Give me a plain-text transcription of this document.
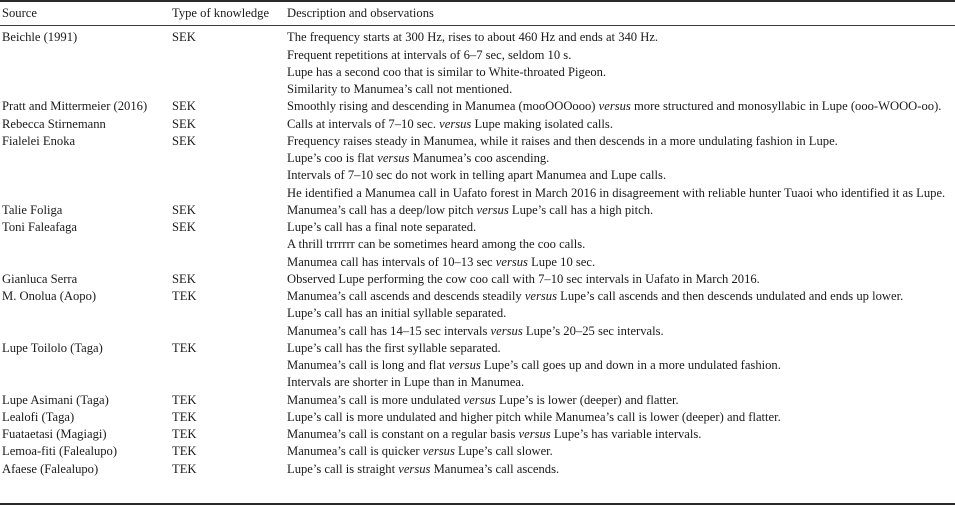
Source	Type of knowledge	Description and observations

Beichle (1991)	SEK	The frequency starts at 300 Hz, rises to about 460 Hz and ends at 340 Hz.
Frequent repetitions at intervals of 6–7 sec, seldom 10 s.
Lupe has a second coo that is similar to White-throated Pigeon.
Similarity to Manumea’s call not mentioned.

Pratt and Mittermeier (2016)	SEK	Smoothly rising and descending in Manumea (mooOOOooo) versus more structured and monosyllabic in Lupe (ooo-WOOO-oo).

Rebecca Stirnemann	SEK	Calls at intervals of 7–10 sec. versus Lupe making isolated calls.

Fialelei Enoka	SEK	Frequency raises steady in Manumea, while it raises and then descends in a more undulating fashion in Lupe.
Lupe’s coo is flat versus Manumea’s coo ascending.
Intervals of 7–10 sec do not work in telling apart Manumea and Lupe calls.
He identified a Manumea call in Uafato forest in March 2016 in disagreement with reliable hunter Tuaoi who identified it as Lupe.

Talie Foliga	SEK	Manumea’s call has a deep/low pitch versus Lupe’s call has a high pitch.

Toni Faleafaga	SEK	Lupe’s call has a final note separated.
A thrill trrrrrr can be sometimes heard among the coo calls.
Manumea call has intervals of 10–13 sec versus Lupe 10 sec.

Gianluca Serra	SEK	Observed Lupe performing the cow coo call with 7–10 sec intervals in Uafato in March 2016.

M. Onolua (Aopo)	TEK	Manumea’s call ascends and descends steadily versus Lupe’s call ascends and then descends undulated and ends up lower.
Lupe’s call has an initial syllable separated.
Manumea’s call has 14–15 sec intervals versus Lupe’s 20–25 sec intervals.

Lupe Toilolo (Taga)	TEK	Lupe’s call has the first syllable separated.
Manumea’s call is long and flat versus Lupe’s call goes up and down in a more undulated fashion.
Intervals are shorter in Lupe than in Manumea.

Lupe Asimani (Taga)	TEK	Manumea’s call is more undulated versus Lupe’s is lower (deeper) and flatter.

Lealofi (Taga)	TEK	Lupe’s call is more undulated and higher pitch while Manumea’s call is lower (deeper) and flatter.

Fuataetasi (Magiagi)	TEK	Manumea’s call is constant on a regular basis versus Lupe’s has variable intervals.

Lemoa-fiti (Falealupo)	TEK	Manumea’s call is quicker versus Lupe’s call slower.

Afaese (Falealupo)	TEK	Lupe’s call is straight versus Manumea’s call ascends.
